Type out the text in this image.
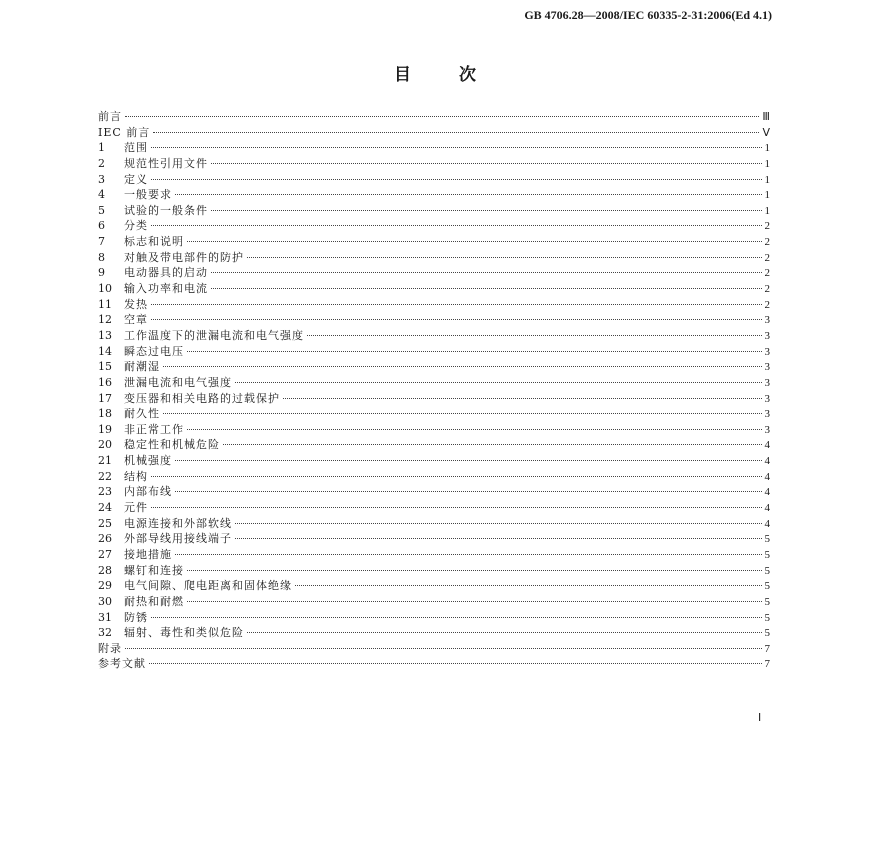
GB 4706.28—2008/IEC 60335-2-31:2006(Ed 4.1)
目次
前言	Ⅲ
IEC 前言	Ⅴ
1	范围	1
2	规范性引用文件	1
3	定义	1
4	一般要求	1
5	试验的一般条件	1
6	分类	2
7	标志和说明	2
8	对触及带电部件的防护	2
9	电动器具的启动	2
10	输入功率和电流	2
11	发热	2
12	空章	3
13	工作温度下的泄漏电流和电气强度	3
14	瞬态过电压	3
15	耐潮湿	3
16	泄漏电流和电气强度	3
17	变压器和相关电路的过载保护	3
18	耐久性	3
19	非正常工作	3
20	稳定性和机械危险	4
21	机械强度	4
22	结构	4
23	内部布线	4
24	元件	4
25	电源连接和外部软线	4
26	外部导线用接线端子	5
27	接地措施	5
28	螺钉和连接	5
29	电气间隙、爬电距离和固体绝缘	5
30	耐热和耐燃	5
31	防锈	5
32	辐射、毒性和类似危险	5
附录	7
参考文献	7
Ⅰ
